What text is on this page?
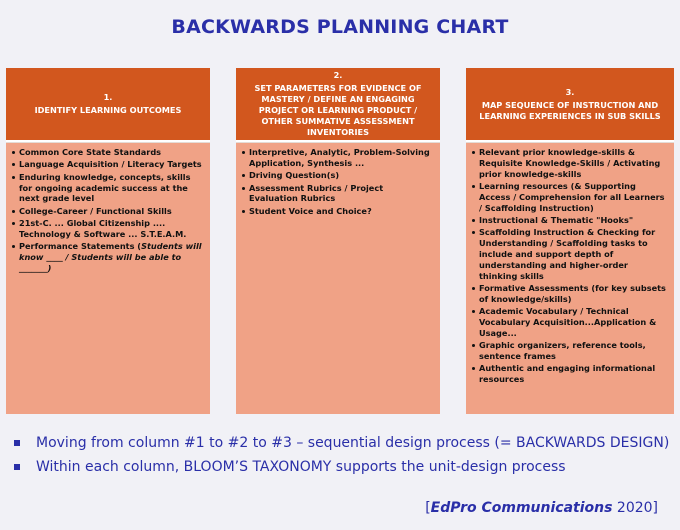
BACKWARDS PLANNING CHART
1.
IDENTIFY LEARNING OUTCOMES
Common Core State Standards
Language Acquisition / Literacy Targets
Enduring knowledge, concepts, skills for ongoing academic success at the next grade level
College-Career / Functional Skills
21st-C. ... Global Citizenship .... Technology & Software ... S.T.E.A.M.
Performance Statements (Students will know ____ / Students will be able to _______)
2.
SET PARAMETERS FOR EVIDENCE OF MASTERY / DEFINE AN ENGAGING PROJECT OR LEARNING PRODUCT / OTHER SUMMATIVE ASSESSMENT INVENTORIES
Interpretive, Analytic, Problem-Solving Application, Synthesis ...
Driving Question(s)
Assessment Rubrics / Project Evaluation Rubrics
Student Voice and Choice?
3.
MAP SEQUENCE OF INSTRUCTION AND LEARNING EXPERIENCES IN SUB SKILLS
Relevant prior knowledge-skills & Requisite Knowledge-Skills / Activating prior knowledge-skills
Learning resources (& Supporting Access / Comprehension for all Learners / Scaffolding Instruction)
Instructional & Thematic "Hooks"
Scaffolding Instruction & Checking for Understanding / Scaffolding tasks to include and support depth of understanding and higher-order thinking skills
Formative Assessments (for key subsets of knowledge/skills)
Academic Vocabulary / Technical Vocabulary Acquisition...Application & Usage...
Graphic organizers, reference tools, sentence frames
Authentic and engaging informational resources
Moving from column #1 to #2 to #3 – sequential design process (= BACKWARDS DESIGN)
Within each column, BLOOM’S TAXONOMY supports the unit-design process
[EdPro Communications 2020]
